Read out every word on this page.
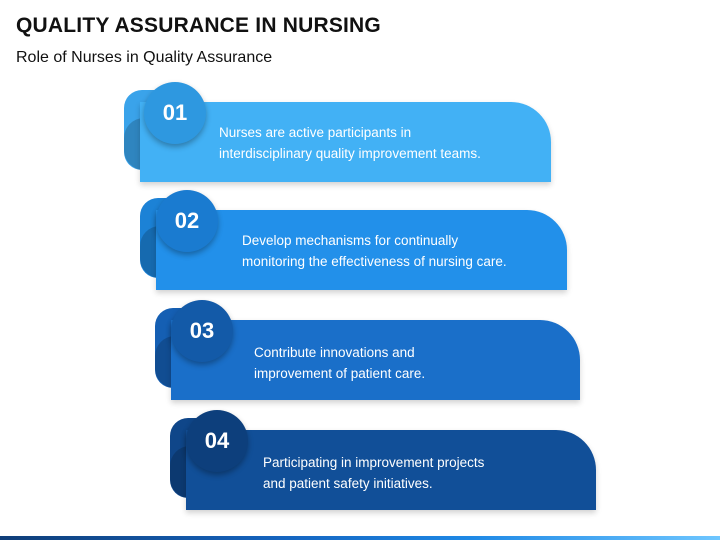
QUALITY ASSURANCE IN NURSING
Role of Nurses in Quality Assurance
01
Nurses are active participants in
interdisciplinary quality improvement teams.
02
Develop mechanisms for continually
monitoring the effectiveness of nursing care.
03
Contribute innovations and
improvement of patient care.
04
Participating in improvement projects
and patient safety initiatives.
